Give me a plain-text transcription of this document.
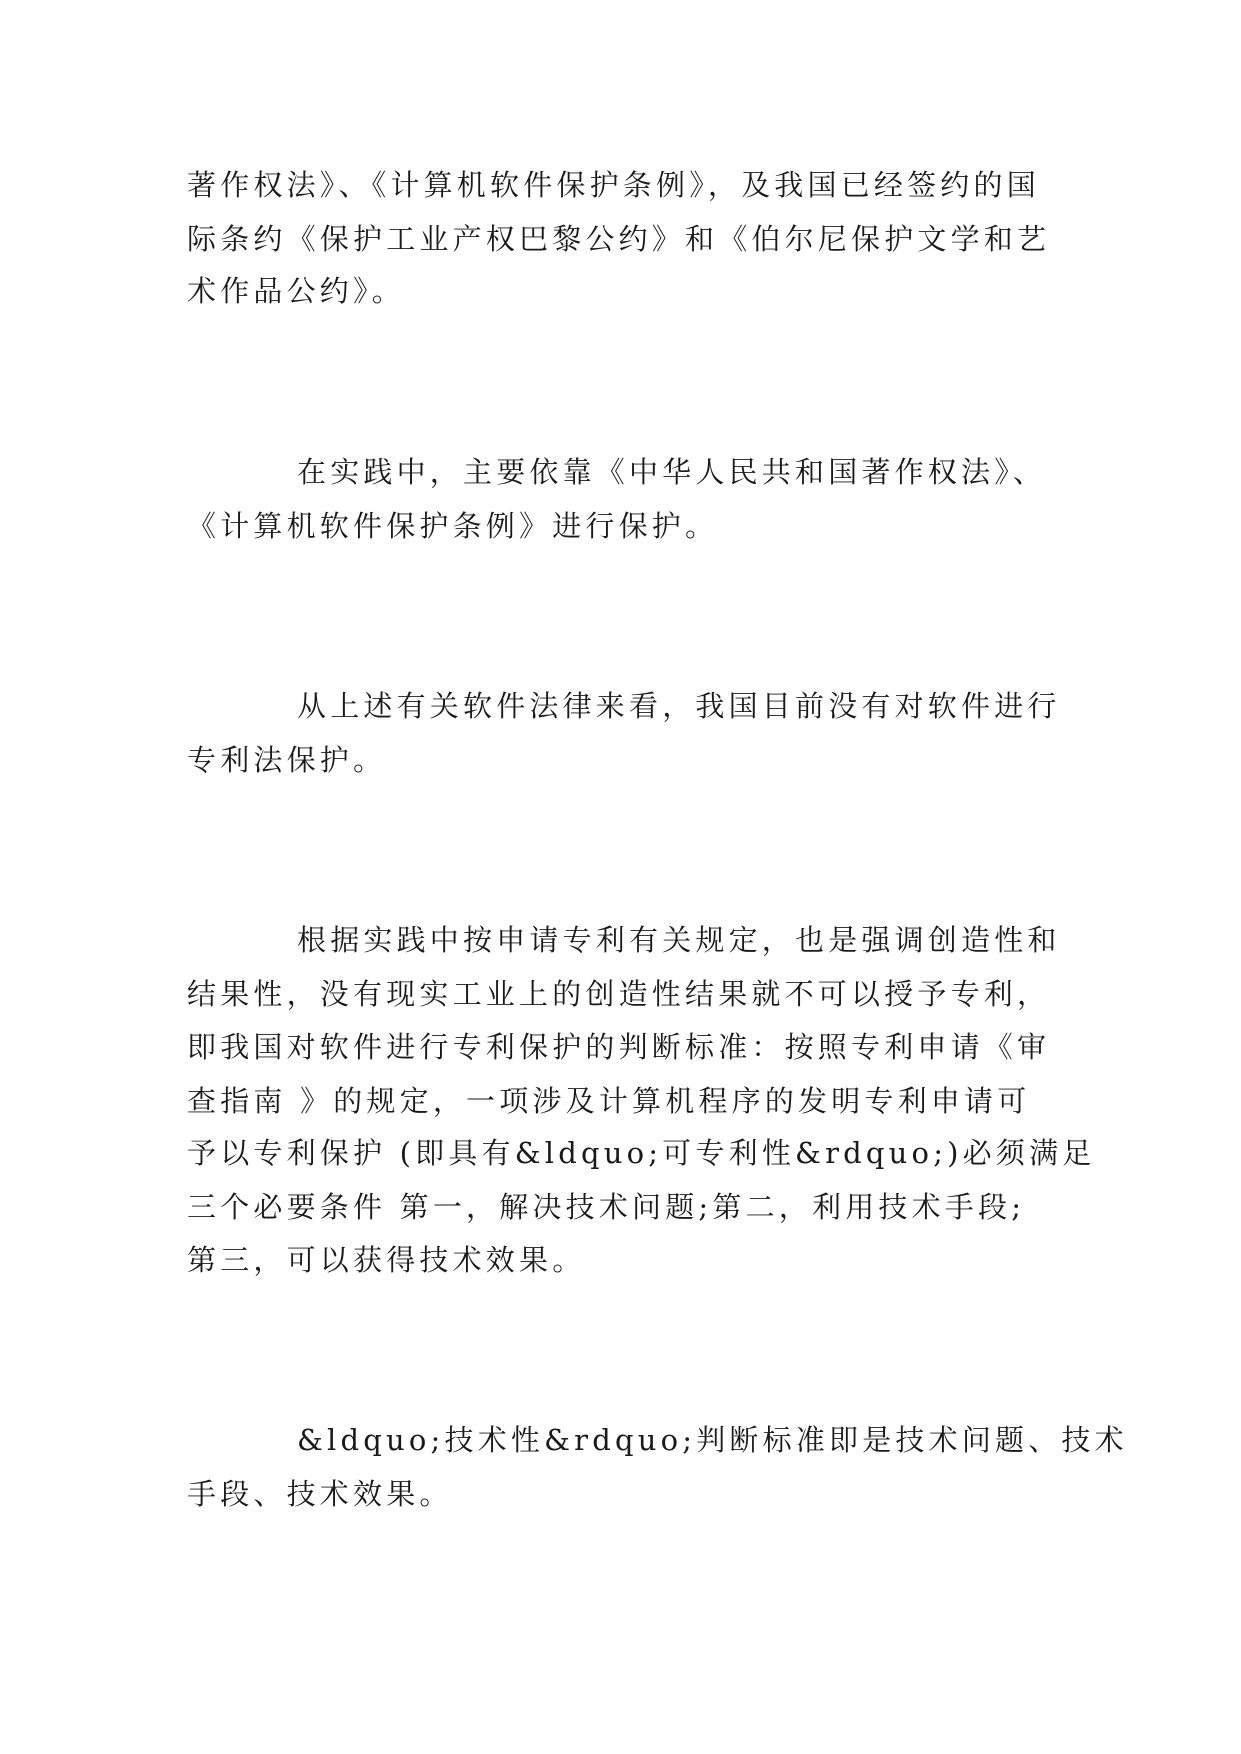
著作权法》、《计算机软件保护条例》，及我国已经签约的国

际条约《保护工业产权巴黎公约》和《伯尔尼保护文学和艺

术作品公约》。

在实践中，主要依靠《中华人民共和国著作权法》、

《计算机软件保护条例》进行保护。

从上述有关软件法律来看，我国目前没有对软件进行

专利法保护。

根据实践中按申请专利有关规定，也是强调创造性和

结果性，没有现实工业上的创造性结果就不可以授予专利，

即我国对软件进行专利保护的判断标准：按照专利申请《审

查指南 》的规定，一项涉及计算机程序的发明专利申请可

予以专利保护 (即具有&ldquo;可专利性&rdquo;)必须满足

三个必要条件 第一，解决技术问题;第二，利用技术手段;

第三，可以获得技术效果。

&ldquo;技术性&rdquo;判断标准即是技术问题、技术

手段、技术效果。
